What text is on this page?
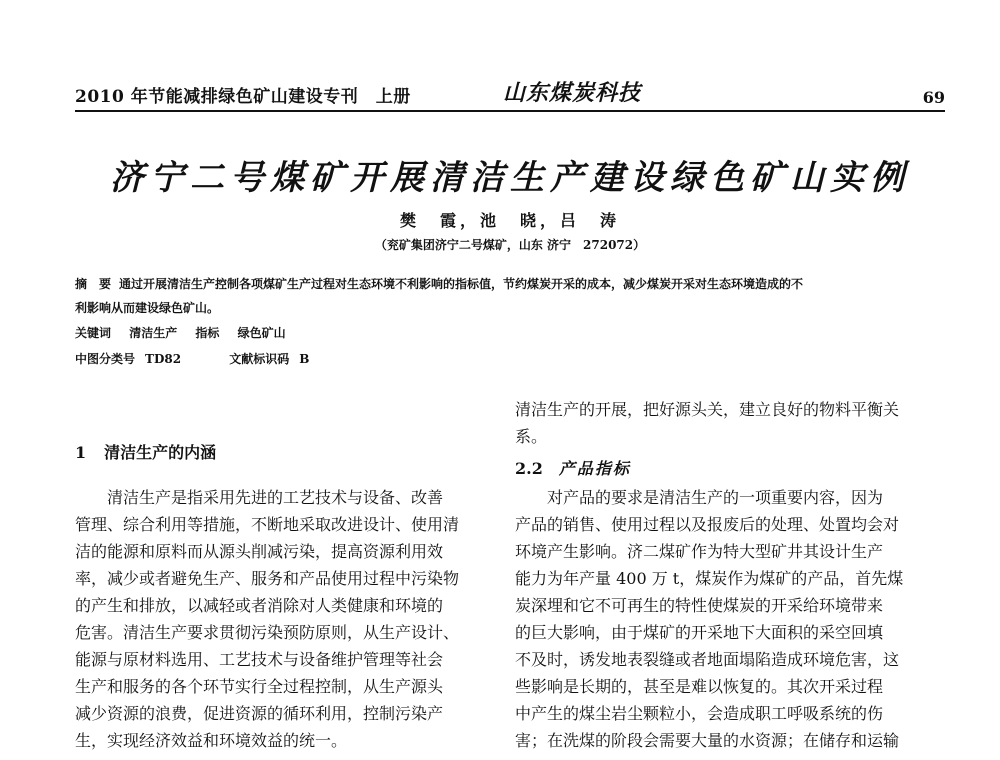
2010 年节能减排绿色矿山建设专刊　上册	山东煤炭科技	69
济宁二号煤矿开展清洁生产建设绿色矿山实例
樊　霞，池　晓，吕　涛
（兖矿集团济宁二号煤矿，山东 济宁　272072）
摘　要 通过开展清洁生产控制各项煤矿生产过程对生态环境不利影响的指标值，节约煤炭开采的成本，减少煤炭开采对生态环境造成的不
利影响从而建设绿色矿山。
关键词 清洁生产 指标 绿色矿山
中图分类号 TD82	文献标识码 B
1 清洁生产的内涵
　　清洁生产是指采用先进的工艺技术与设备、改善
管理、综合利用等措施，不断地采取改进设计、使用清
洁的能源和原料而从源头削减污染，提高资源利用效
率，减少或者避免生产、服务和产品使用过程中污染物
的产生和排放，以减轻或者消除对人类健康和环境的
危害。清洁生产要求贯彻污染预防原则，从生产设计、
能源与原材料选用、工艺技术与设备维护管理等社会
生产和服务的各个环节实行全过程控制，从生产源头
减少资源的浪费，促进资源的循环利用，控制污染产
生，实现经济效益和环境效益的统一。
清洁生产的开展，把好源头关，建立良好的物料平衡关
系。
2.2 产品指标
　　对产品的要求是清洁生产的一项重要内容，因为
产品的销售、使用过程以及报废后的处理、处置均会对
环境产生影响。济二煤矿作为特大型矿井其设计生产
能力为年产量 400 万 t，煤炭作为煤矿的产品，首先煤
炭深埋和它不可再生的特性使煤炭的开采给环境带来
的巨大影响，由于煤矿的开采地下大面积的采空回填
不及时，诱发地表裂缝或者地面塌陷造成环境危害，这
些影响是长期的，甚至是难以恢复的。其次开采过程
中产生的煤尘岩尘颗粒小，会造成职工呼吸系统的伤
害；在洗煤的阶段会需要大量的水资源；在储存和运输
